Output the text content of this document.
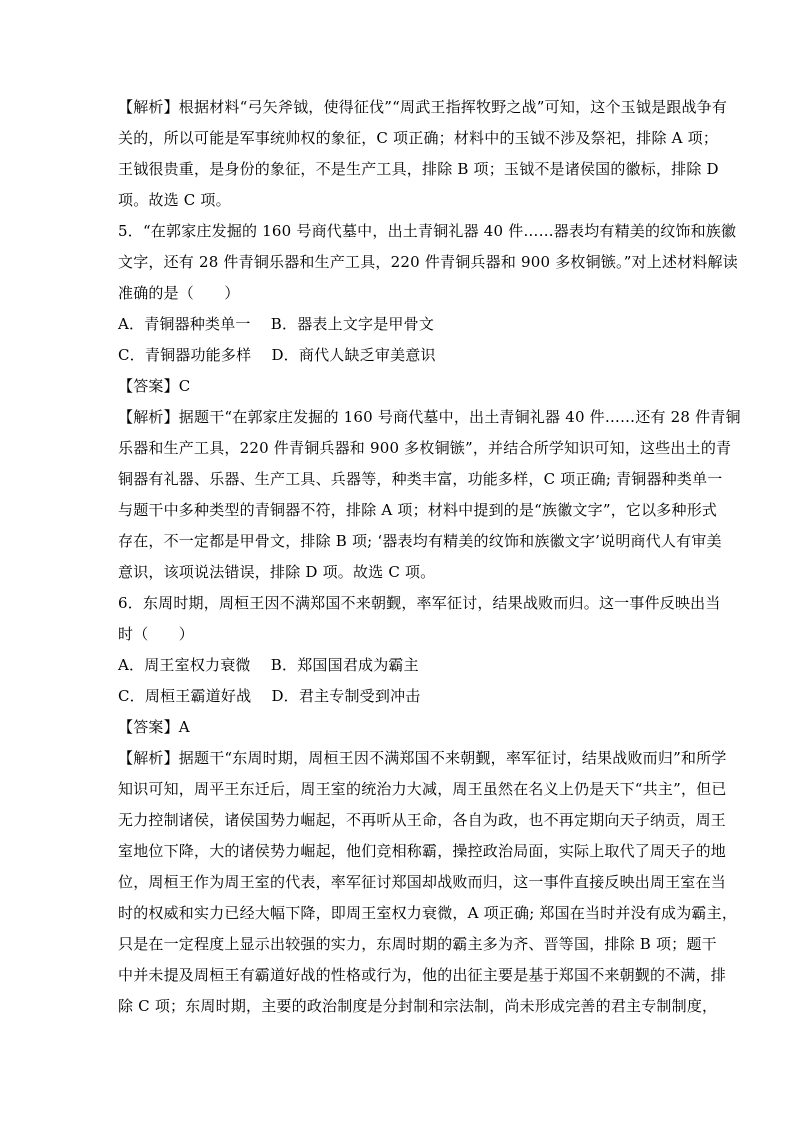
【解析】根据材料“弓矢斧钺，使得征伐”“周武王指挥牧野之战”可知，这个玉钺是跟战争有
关的，所以可能是军事统帅权的象征，C 项正确；材料中的玉钺不涉及祭祀，排除 A 项；
王钺很贵重，是身份的象征，不是生产工具，排除 B 项；玉钺不是诸侯国的徽标，排除 D
项。故选 C 项。
5．“在郭家庄发掘的 160 号商代墓中，出土青铜礼器 40 件……器表均有精美的纹饰和族徽
文字，还有 28 件青铜乐器和生产工具，220 件青铜兵器和 900 多枚铜镞。”对上述材料解读
准确的是（　　）
A．青铜器种类单一　 B．器表上文字是甲骨文
C．青铜器功能多样　 D．商代人缺乏审美意识
【答案】C
【解析】据题干“在郭家庄发掘的 160 号商代墓中，出土青铜礼器 40 件……还有 28 件青铜
乐器和生产工具，220 件青铜兵器和 900 多枚铜镞”，并结合所学知识可知，这些出土的青
铜器有礼器、乐器、生产工具、兵器等，种类丰富，功能多样，C 项正确; 青铜器种类单一
与题干中多种类型的青铜器不符，排除 A 项；材料中提到的是“族徽文字”，它以多种形式
存在，不一定都是甲骨文，排除 B 项; ‘器表均有精美的纹饰和族徽文字’说明商代人有审美
意识，该项说法错误，排除 D 项。故选 C 项。
6．东周时期，周桓王因不满郑国不来朝觐，率军征讨，结果战败而归。这一事件反映出当
时（　　）
A．周王室权力衰微　 B．郑国国君成为霸主
C．周桓王霸道好战　 D．君主专制受到冲击
【答案】A
【解析】据题干“东周时期，周桓王因不满郑国不来朝觐，率军征讨，结果战败而归”和所学
知识可知，周平王东迁后，周王室的统治力大减，周王虽然在名义上仍是天下“共主”，但已
无力控制诸侯，诸侯国势力崛起，不再听从王命，各自为政，也不再定期向天子纳贡，周王
室地位下降，大的诸侯势力崛起，他们竞相称霸，操控政治局面，实际上取代了周天子的地
位，周桓王作为周王室的代表，率军征讨郑国却战败而归，这一事件直接反映出周王室在当
时的权威和实力已经大幅下降，即周王室权力衰微，A 项正确; 郑国在当时并没有成为霸主，
只是在一定程度上显示出较强的实力，东周时期的霸主多为齐、晋等国，排除 B 项；题干
中并未提及周桓王有霸道好战的性格或行为，他的出征主要是基于郑国不来朝觐的不满，排
除 C 项；东周时期，主要的政治制度是分封制和宗法制，尚未形成完善的君主专制制度，
